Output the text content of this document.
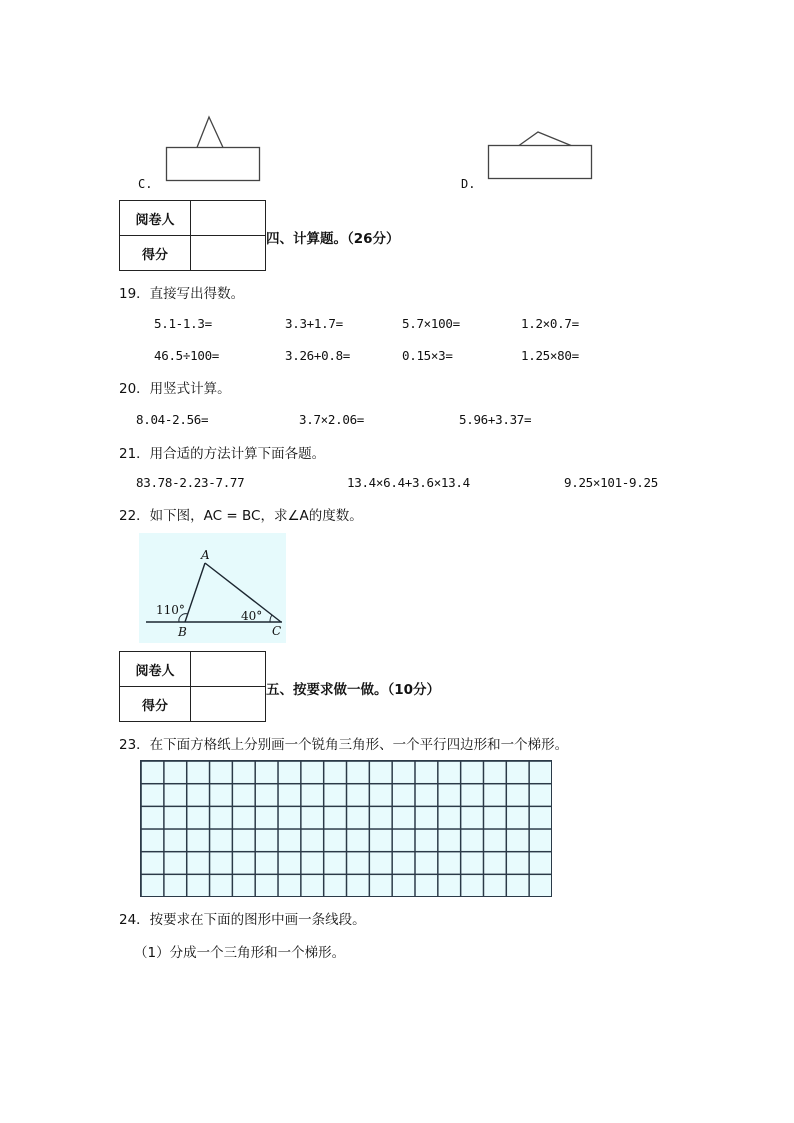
C.	D.
阅卷人	
得分	
四、计算题。（26分）
19．直接写出得数。
5.1-1.3=	3.3+1.7=	5.7×100=	1.2×0.7=
46.5÷100=	3.26+0.8=	0.15×3=	1.25×80=
20．用竖式计算。
8.04-2.56=	3.7×2.06=	5.96+3.37=
21．用合适的方法计算下面各题。
83.78-2.23-7.77	13.4×6.4+3.6×13.4	9.25×101-9.25
22．如下图，AC = BC，求∠A的度数。
A
B	C
110°	40°
阅卷人	
得分	
五、按要求做一做。（10分）
23．在下面方格纸上分别画一个锐角三角形、一个平行四边形和一个梯形。
24．按要求在下面的图形中画一条线段。
（1）分成一个三角形和一个梯形。
